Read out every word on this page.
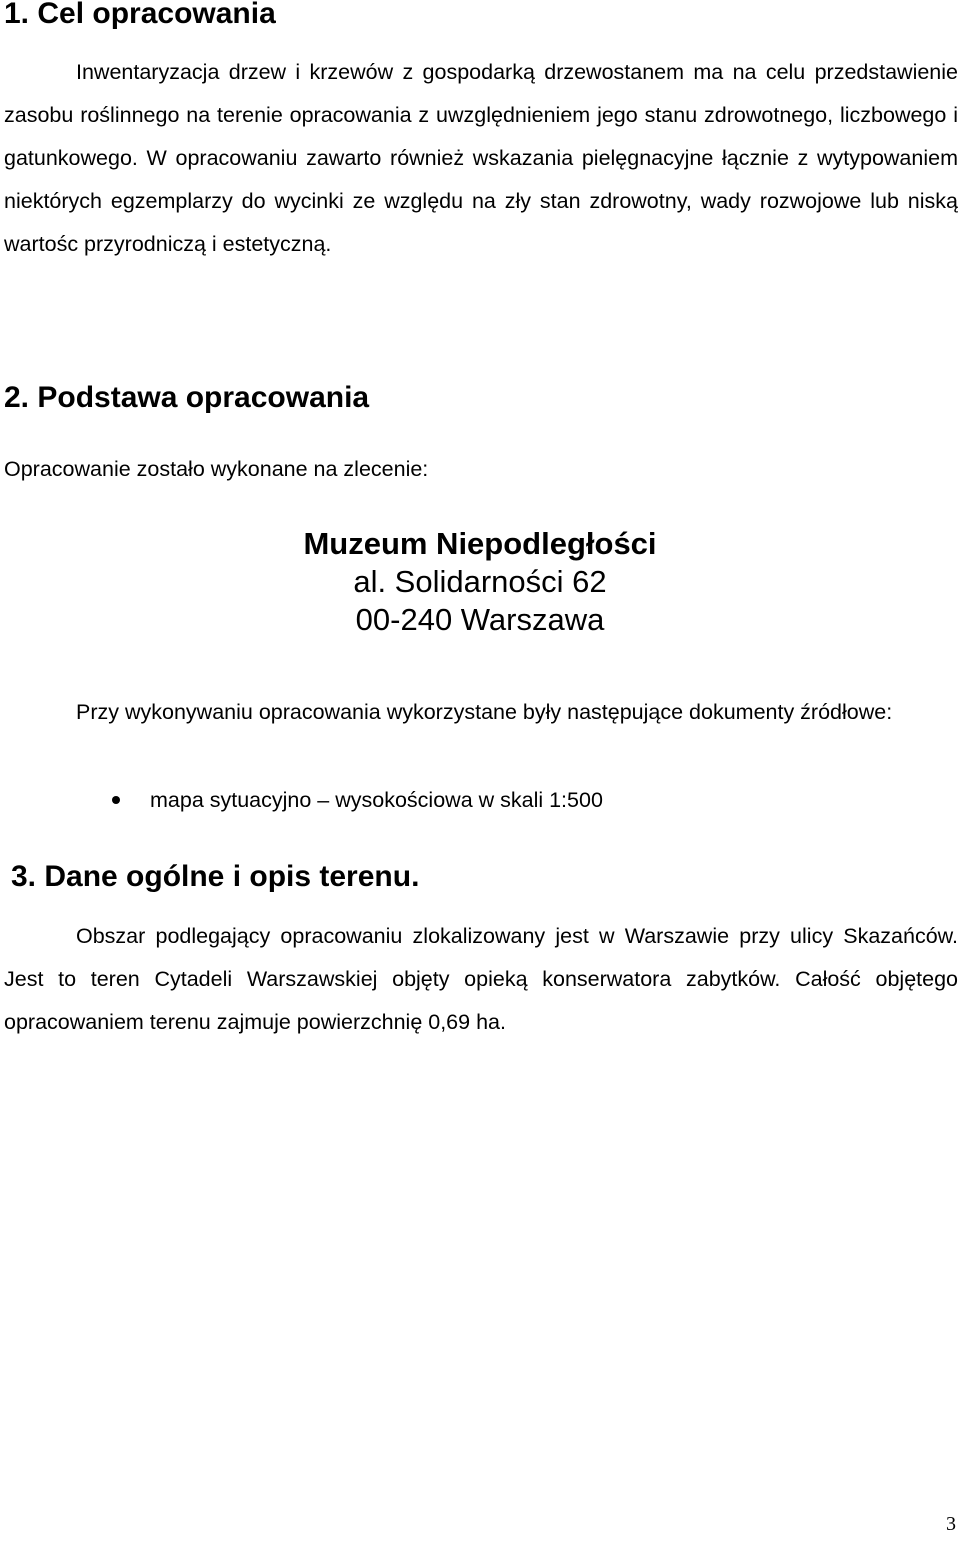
1. Cel opracowania

Inwentaryzacja drzew i krzewów z gospodarką drzewostanem ma na celu przedstawienie zasobu roślinnego na terenie opracowania z uwzględnieniem jego stanu zdrowotnego, liczbowego i gatunkowego. W opracowaniu zawarto również wskazania pielęgnacyjne łącznie z wytypowaniem niektórych egzemplarzy do wycinki ze względu na zły stan zdrowotny, wady rozwojowe lub niską wartośc przyrodniczą i estetyczną.

2. Podstawa opracowania

Opracowanie zostało wykonane na zlecenie:

Muzeum Niepodległości
al. Solidarności 62
00-240 Warszawa

Przy wykonywaniu opracowania wykorzystane były następujące dokumenty źródłowe:

mapa sytuacyjno – wysokościowa w skali 1:500
3. Dane ogólne i opis terenu.

Obszar podlegający opracowaniu zlokalizowany jest w Warszawie przy ulicy Skazańców. Jest to teren Cytadeli Warszawskiej objęty opieką konserwatora zabytków. Całość objętego opracowaniem terenu zajmuje powierzchnię 0,69 ha.

3
